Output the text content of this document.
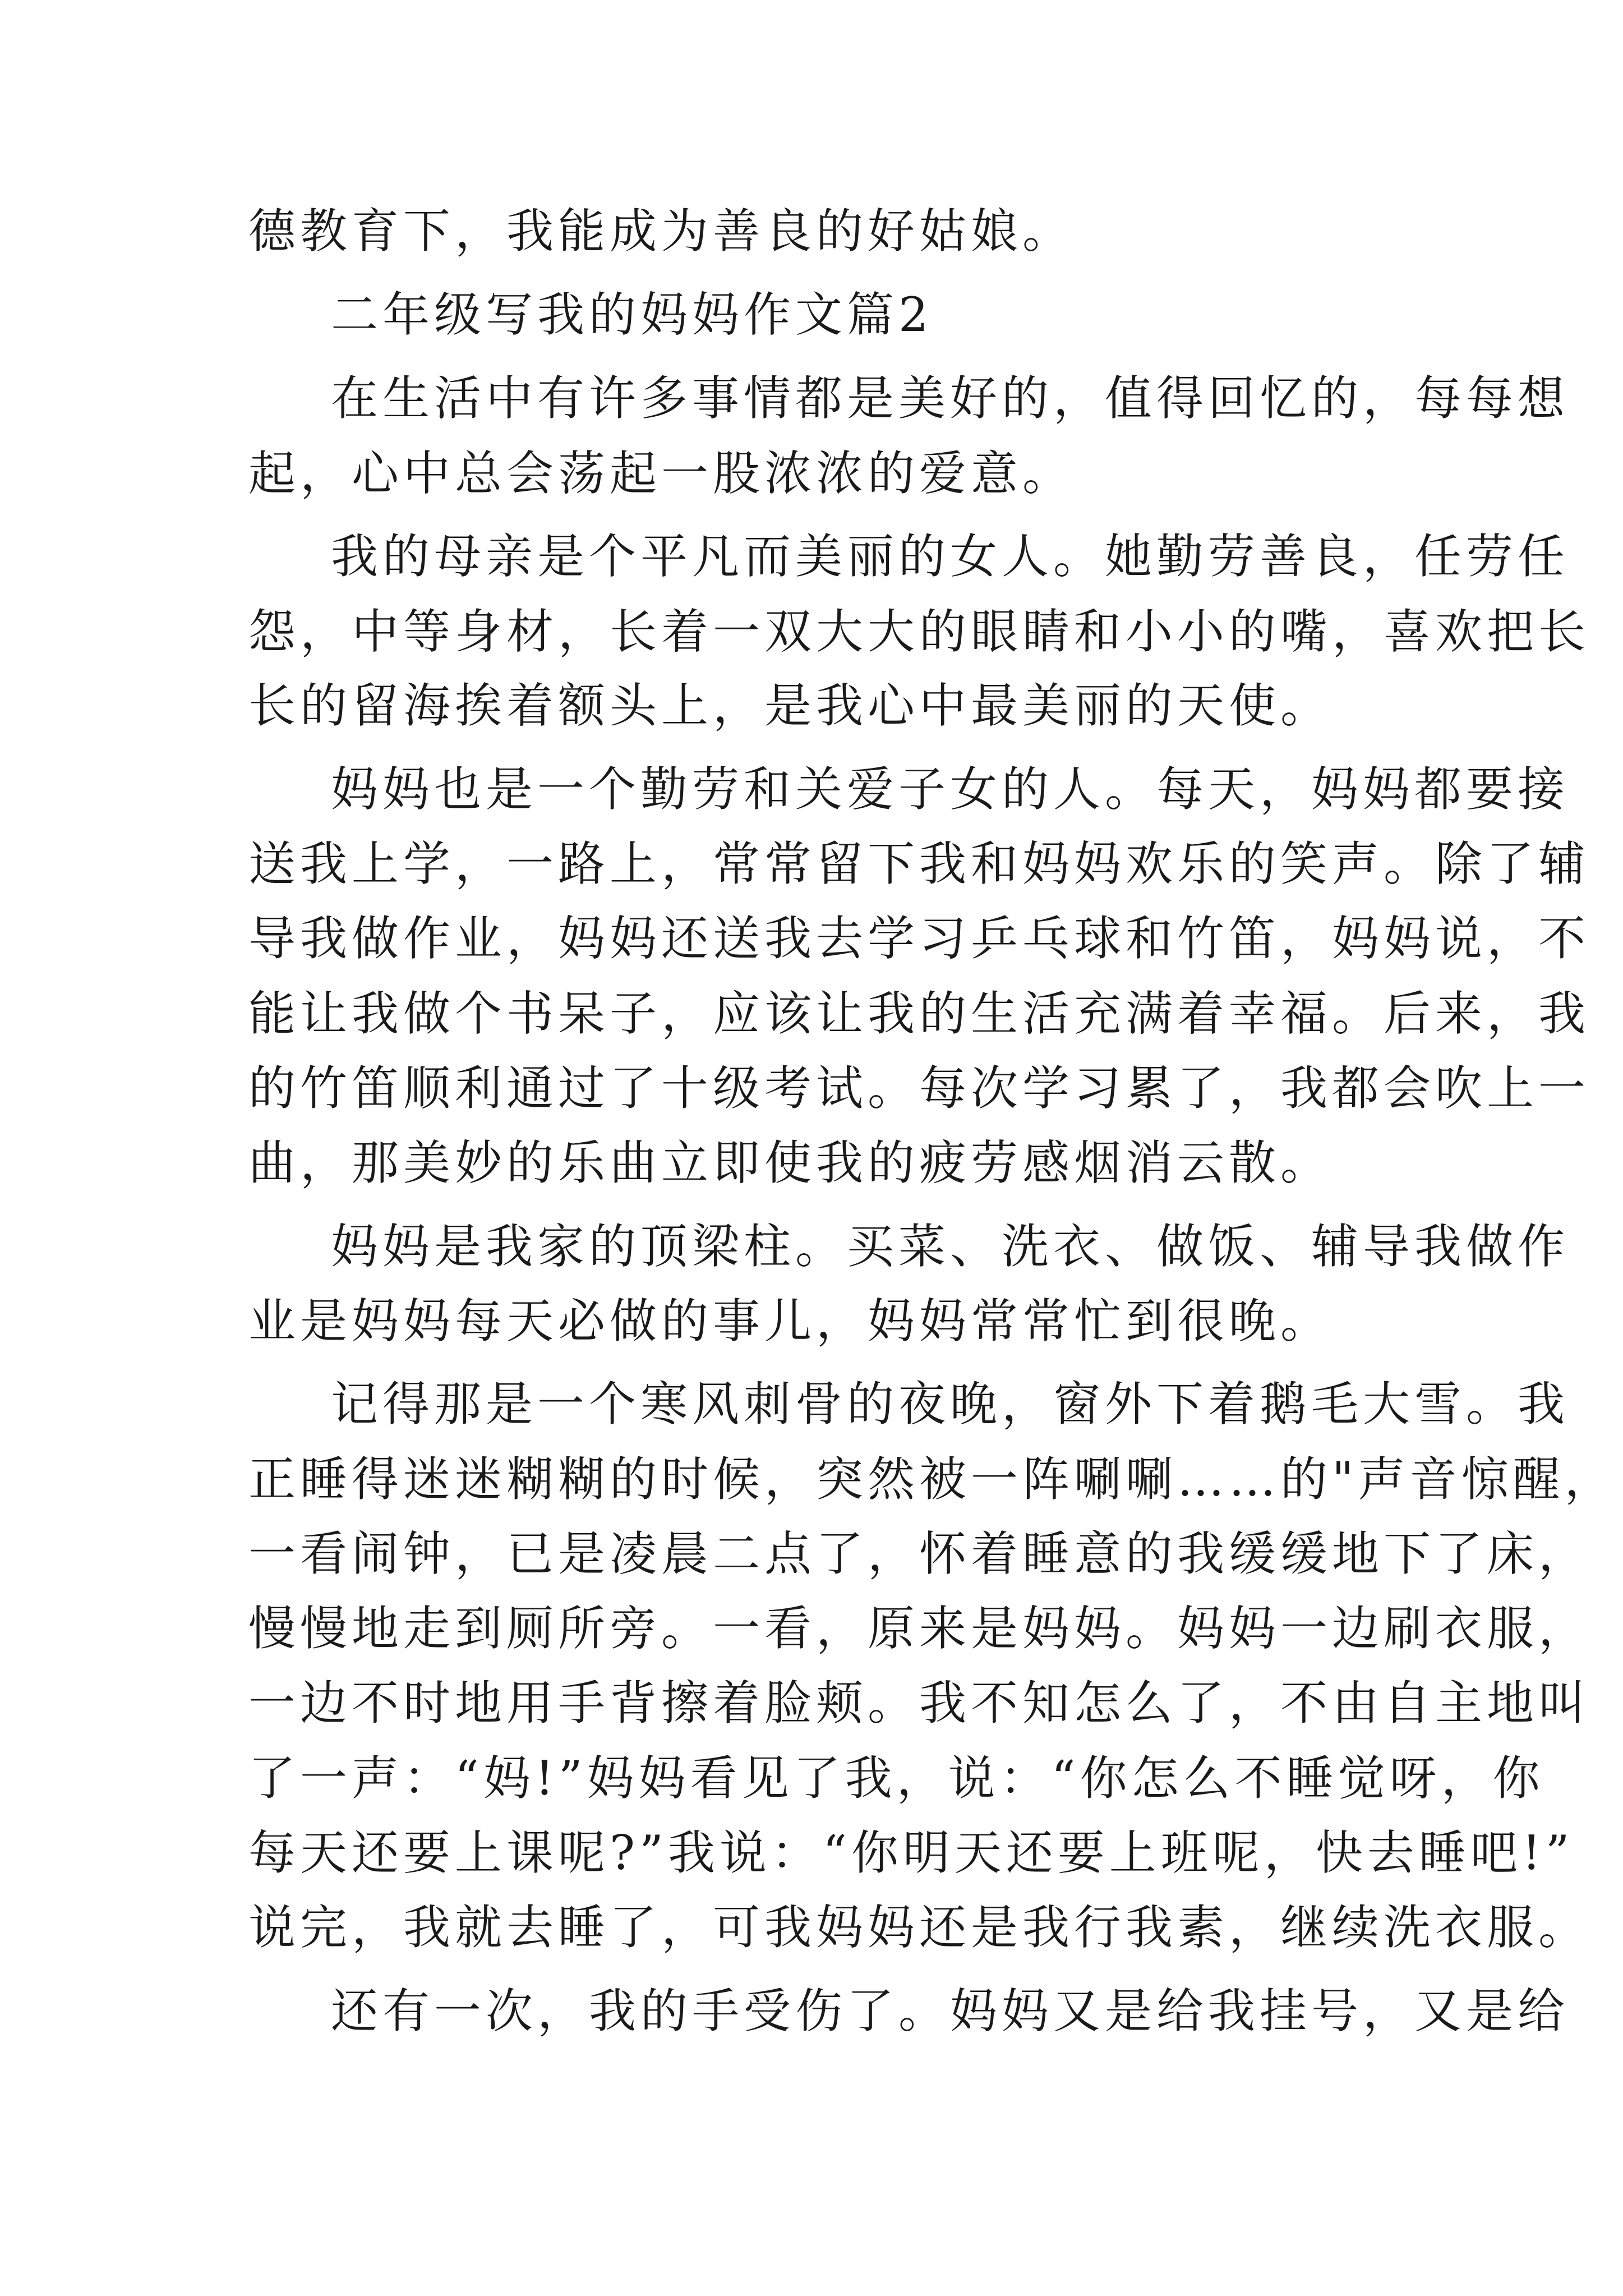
德教育下，我能成为善良的好姑娘。
二年级写我的妈妈作文篇2
在生活中有许多事情都是美好的，值得回忆的，每每想
起，心中总会荡起一股浓浓的爱意。
我的母亲是个平凡而美丽的女人。她勤劳善良，任劳任
怨，中等身材，长着一双大大的眼睛和小小的嘴，喜欢把长
长的留海挨着额头上，是我心中最美丽的天使。
妈妈也是一个勤劳和关爱子女的人。每天，妈妈都要接
送我上学，一路上，常常留下我和妈妈欢乐的笑声。除了辅
导我做作业，妈妈还送我去学习乒乓球和竹笛，妈妈说，不
能让我做个书呆子，应该让我的生活充满着幸福。后来，我
的竹笛顺利通过了十级考试。每次学习累了，我都会吹上一
曲，那美妙的乐曲立即使我的疲劳感烟消云散。
妈妈是我家的顶梁柱。买菜、洗衣、做饭、辅导我做作
业是妈妈每天必做的事儿，妈妈常常忙到很晚。
记得那是一个寒风刺骨的夜晚，窗外下着鹅毛大雪。我
正睡得迷迷糊糊的时候，突然被一阵唰唰……的"声音惊醒，
一看闹钟，已是凌晨二点了，怀着睡意的我缓缓地下了床，
慢慢地走到厕所旁。一看，原来是妈妈。妈妈一边刷衣服，
一边不时地用手背擦着脸颊。我不知怎么了，不由自主地叫
了一声：“妈!”妈妈看见了我，说：“你怎么不睡觉呀，你
每天还要上课呢?”我说：“你明天还要上班呢，快去睡吧!”
说完，我就去睡了，可我妈妈还是我行我素，继续洗衣服。
还有一次，我的手受伤了。妈妈又是给我挂号，又是给
